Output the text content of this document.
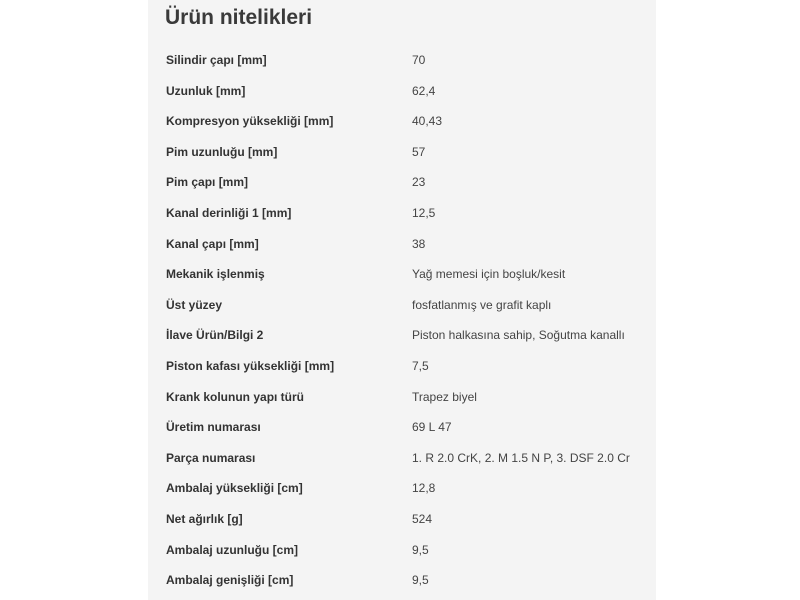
Ürün nitelikleri
Silindir çapı [mm]	70
Uzunluk [mm]	62,4
Kompresyon yüksekliği [mm]	40,43
Pim uzunluğu [mm]	57
Pim çapı [mm]	23
Kanal derinliği 1 [mm]	12,5
Kanal çapı [mm]	38
Mekanik işlenmiş	Yağ memesi için boşluk/kesit
Üst yüzey	fosfatlanmış ve grafit kaplı
İlave Ürün/Bilgi 2	Piston halkasına sahip, Soğutma kanallı
Piston kafası yüksekliği [mm]	7,5
Krank kolunun yapı türü	Trapez biyel
Üretim numarası	69 L 47
Parça numarası	1. R 2.0 CrK, 2. M 1.5 N P, 3. DSF 2.0 Cr
Ambalaj yüksekliği [cm]	12,8
Net ağırlık [g]	524
Ambalaj uzunluğu [cm]	9,5
Ambalaj genişliği [cm]	9,5
